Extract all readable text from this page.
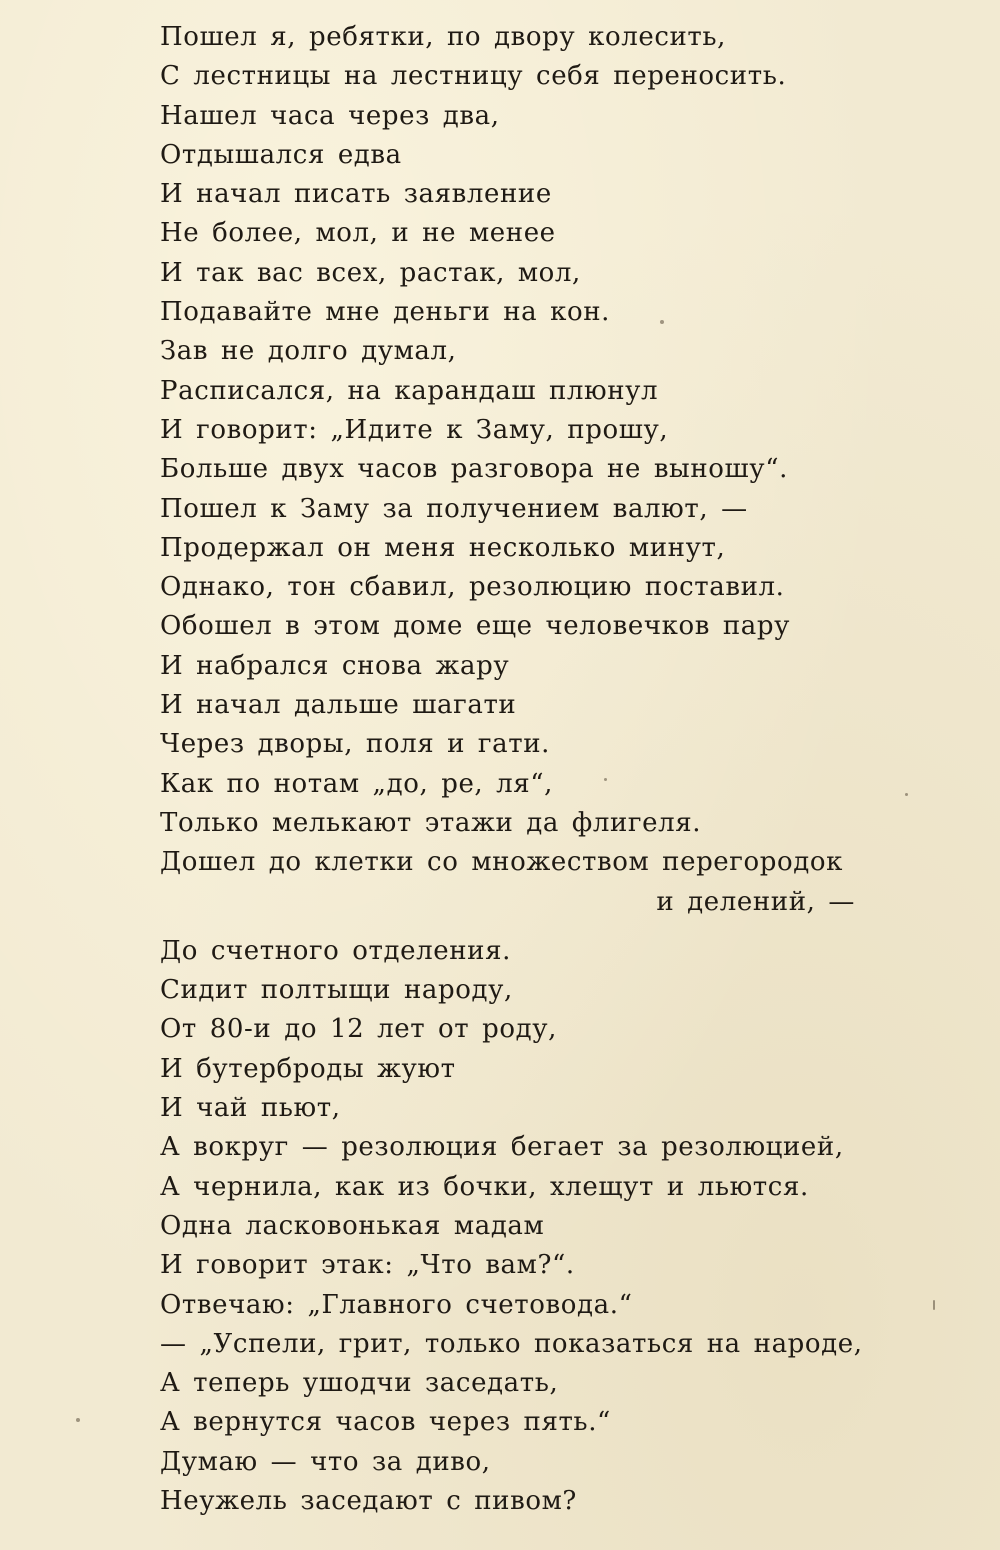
Пошел я, ребятки, по двору колесить,
С лестницы на лестницу себя переносить.
Нашел часа через два,
Отдышался едва
И начал писать заявление
Не более, мол, и не менее
И так вас всех, растак, мол,
Подавайте мне деньги на кон.
Зав не долго думал,
Расписался, на карандаш плюнул
И говорит: „Идите к Заму, прошу,
Больше двух часов разговора не выношу“.
Пошел к Заму за получением валют, —
Продержал он меня несколько минут,
Однако, тон сбавил, резолюцию поставил.
Обошел в этом доме еще человечков пару
И набрался снова жару
И начал дальше шагати
Через дворы, поля и гати.
Как по нотам „до, ре, ля“,
Только мелькают этажи да флигеля.
Дошел до клетки со множеством перегородок
и делений, —
До счетного отделения.
Сидит полтыщи народу,
От 80-и до 12 лет от роду,
И бутерброды жуют
И чай пьют,
А вокруг — резолюция бегает за резолюцией,
А чернила, как из бочки, хлещут и льются.
Одна ласковонькая мадам
И говорит этак: „Что вам?“.
Отвечаю: „Главного счетовода.“
— „Успели, грит, только показаться на народе,
А теперь ушодчи заседать,
А вернутся часов через пять.“
Думаю — что за диво,
Неужель заседают с пивом?
